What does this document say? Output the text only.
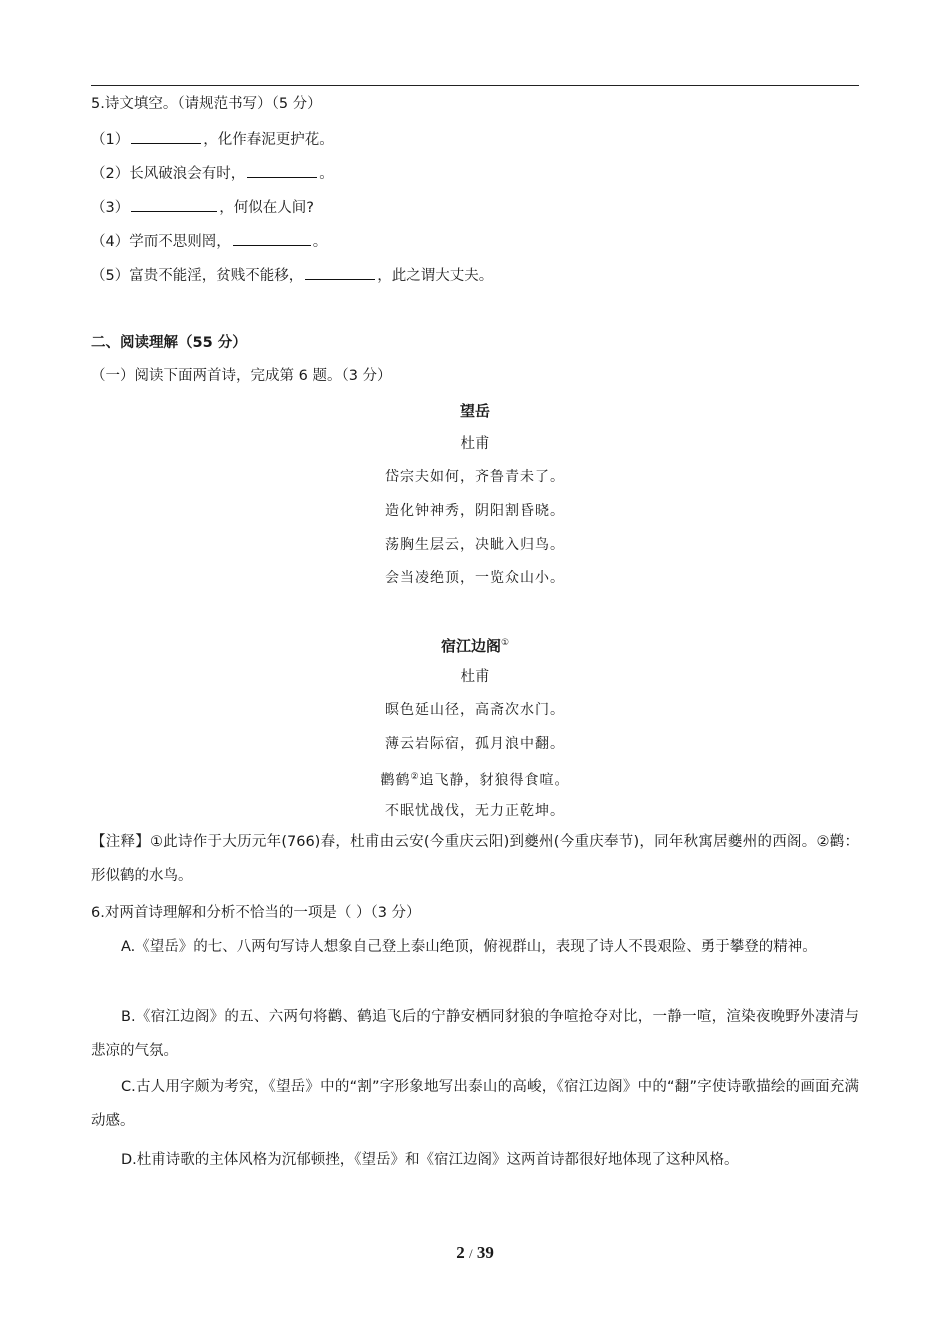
5.诗文填空。（请规范书写）（5 分）
（1）	，化作春泥更护花。
（2）长风破浪会有时，	。
（3）	，何似在人间?
（4）学而不思则罔，	。
（5）富贵不能淫，贫贱不能移，	，此之谓大丈夫。
二、阅读理解（55 分）
（一）阅读下面两首诗，完成第 6 题。（3 分）
望岳
杜甫
岱宗夫如何，齐鲁青未了。
造化钟神秀，阴阳割昏晓。
荡胸生层云，决眦入归鸟。
会当凌绝顶，一览众山小。
宿江边阁①
杜甫
暝色延山径，高斋次水门。
薄云岩际宿，孤月浪中翻。
鹳鹤②追飞静，豺狼得食喧。
不眠忧战伐，无力正乾坤。
【注释】①此诗作于大历元年(766)春，杜甫由云安(今重庆云阳)到夔州(今重庆奉节)，同年秋寓居夔州的西阁。②鹳：形似鹤的水鸟。
6.对两首诗理解和分析不恰当的一项是（ ）（3 分）
A.《望岳》的七、八两句写诗人想象自己登上泰山绝顶，俯视群山，表现了诗人不畏艰险、勇于攀登的精神。
B.《宿江边阁》的五、六两句将鹳、鹤追飞后的宁静安栖同豺狼的争喧抢夺对比，一静一喧，渲染夜晚野外凄清与悲凉的气氛。
C.古人用字颇为考究，《望岳》中的“割”字形象地写出泰山的高峻，《宿江边阁》中的“翻”字使诗歌描绘的画面充满动感。
D.杜甫诗歌的主体风格为沉郁顿挫，《望岳》和《宿江边阁》这两首诗都很好地体现了这种风格。
2 / 39
